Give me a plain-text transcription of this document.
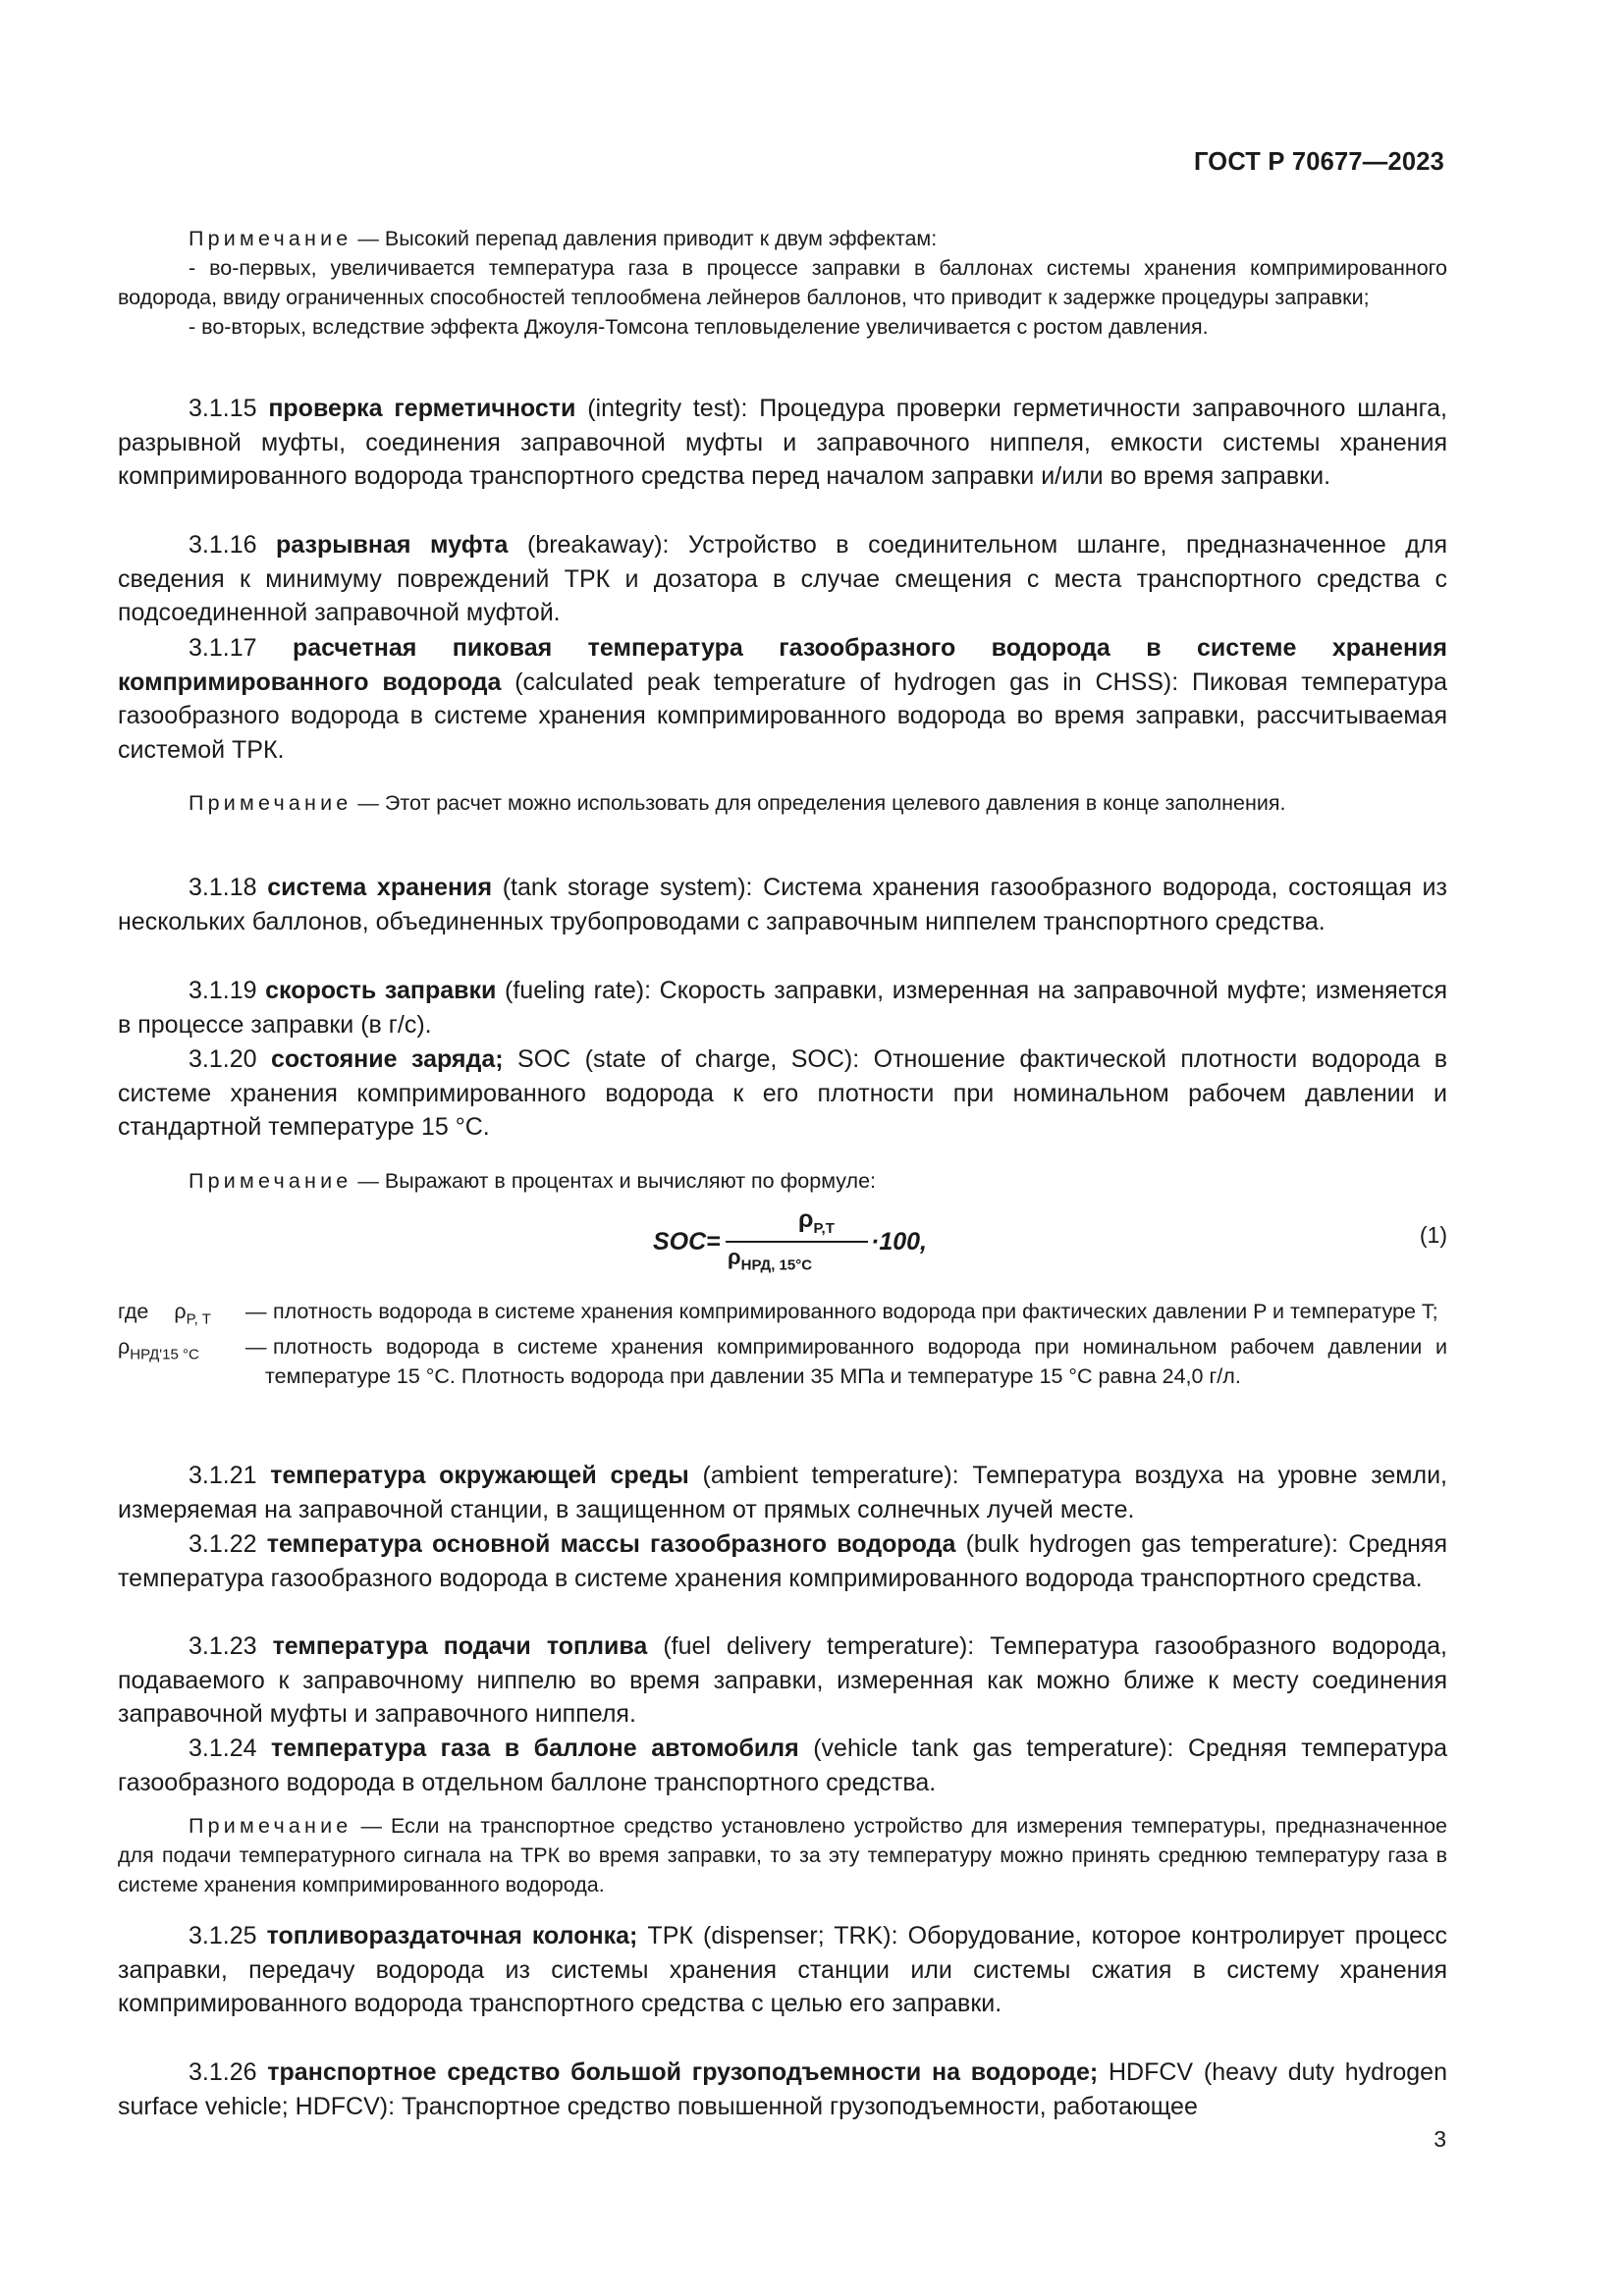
ГОСТ Р 70677—2023

Примечание — Высокий перепад давления приводит к двум эффектам:

- во-первых, увеличивается температура газа в процессе заправки в баллонах системы хранения компримированного водорода, ввиду ограниченных способностей теплообмена лейнеров баллонов, что приводит к задержке процедуры заправки;

- во-вторых, вследствие эффекта Джоуля-Томсона тепловыделение увеличивается с ростом давления.

3.1.15 проверка герметичности (integrity test): Процедура проверки герметичности заправочного шланга, разрывной муфты, соединения заправочной муфты и заправочного ниппеля, емкости системы хранения компримированного водорода транспортного средства перед началом заправки и/или во время заправки.

3.1.16 разрывная муфта (breakaway): Устройство в соединительном шланге, предназначенное для сведения к минимуму повреждений ТРК и дозатора в случае смещения с места транспортного средства с подсоединенной заправочной муфтой.

3.1.17 расчетная пиковая температура газообразного водорода в системе хранения компримированного водорода (calculated peak temperature of hydrogen gas in CHSS): Пиковая температура газообразного водорода в системе хранения компримированного водорода во время заправки, рассчитываемая системой ТРК.

Примечание — Этот расчет можно использовать для определения целевого давления в конце заполнения.

3.1.18 система хранения (tank storage system): Система хранения газообразного водорода, состоящая из нескольких баллонов, объединенных трубопроводами с заправочным ниппелем транспортного средства.

3.1.19 скорость заправки (fueling rate): Скорость заправки, измеренная на заправочной муфте; изменяется в процессе заправки (в г/с).

3.1.20 состояние заряда; SOC (state of charge, SOC): Отношение фактической плотности водорода в системе хранения компримированного водорода к его плотности при номинальном рабочем давлении и стандартной температуре 15 °С.

Примечание — Выражают в процентах и вычисляют по формуле:

SOC =
$\rho_{P,T}$
$\rho_{НРД, 15^\circ C}$
·100,	(1)
где $\rho_{P, T}$	— плотность водорода в системе хранения компримированного водорода при фактических давлении P и температуре T;
$\rho_{НРД'15 ^\circ C}$	— плотность водорода в системе хранения компримированного водорода при номинальном рабочем давлении и температуре 15 °С. Плотность водорода при давлении 35 МПа и температуре 15 °С равна 24,0 г/л.

3.1.21 температура окружающей среды (ambient temperature): Температура воздуха на уровне земли, измеряемая на заправочной станции, в защищенном от прямых солнечных лучей месте.

3.1.22 температура основной массы газообразного водорода (bulk hydrogen gas temperature): Средняя температура газообразного водорода в системе хранения компримированного водорода транспортного средства.

3.1.23 температура подачи топлива (fuel delivery temperature): Температура газообразного водорода, подаваемого к заправочному ниппелю во время заправки, измеренная как можно ближе к месту соединения заправочной муфты и заправочного ниппеля.

3.1.24 температура газа в баллоне автомобиля (vehicle tank gas temperature): Средняя температура газообразного водорода в отдельном баллоне транспортного средства.

Примечание — Если на транспортное средство установлено устройство для измерения температуры, предназначенное для подачи температурного сигнала на ТРК во время заправки, то за эту температуру можно принять среднюю температуру газа в системе хранения компримированного водорода.

3.1.25 топливораздаточная колонка; ТРК (dispenser; TRK): Оборудование, которое контролирует процесс заправки, передачу водорода из системы хранения станции или системы сжатия в систему хранения компримированного водорода транспортного средства с целью его заправки.

3.1.26 транспортное средство большой грузоподъемности на водороде; HDFCV (heavy duty hydrogen surface vehicle; HDFCV): Транспортное средство повышенной грузоподъемности, работающее

3
